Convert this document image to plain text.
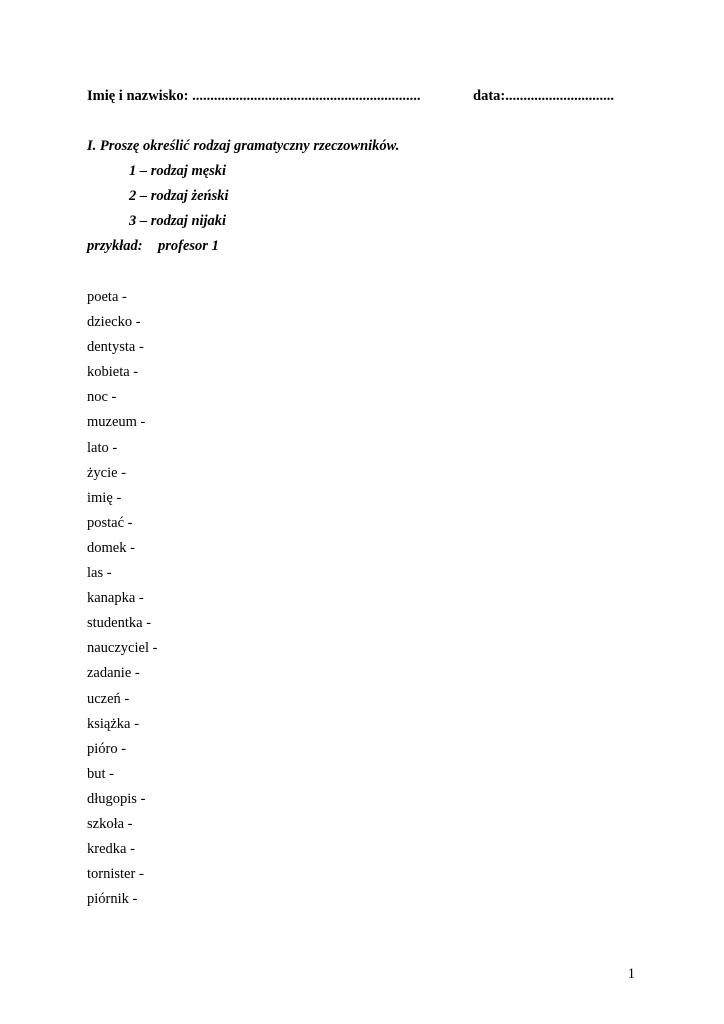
Imię i nazwisko: ...............................................................	data:..............................
I. Proszę określić rodzaj gramatyczny rzeczowników.
1 – rodzaj męski
2 – rodzaj żeński
3 – rodzaj nijaki
przykład: profesor 1
poeta -
dziecko -
dentysta -
kobieta -
noc -
muzeum -
lato -
życie -
imię -
postać -
domek -
las -
kanapka -
studentka -
nauczyciel -
zadanie -
uczeń -
książka -
pióro -
but -
długopis -
szkoła -
kredka -
tornister -
piórnik -
1
